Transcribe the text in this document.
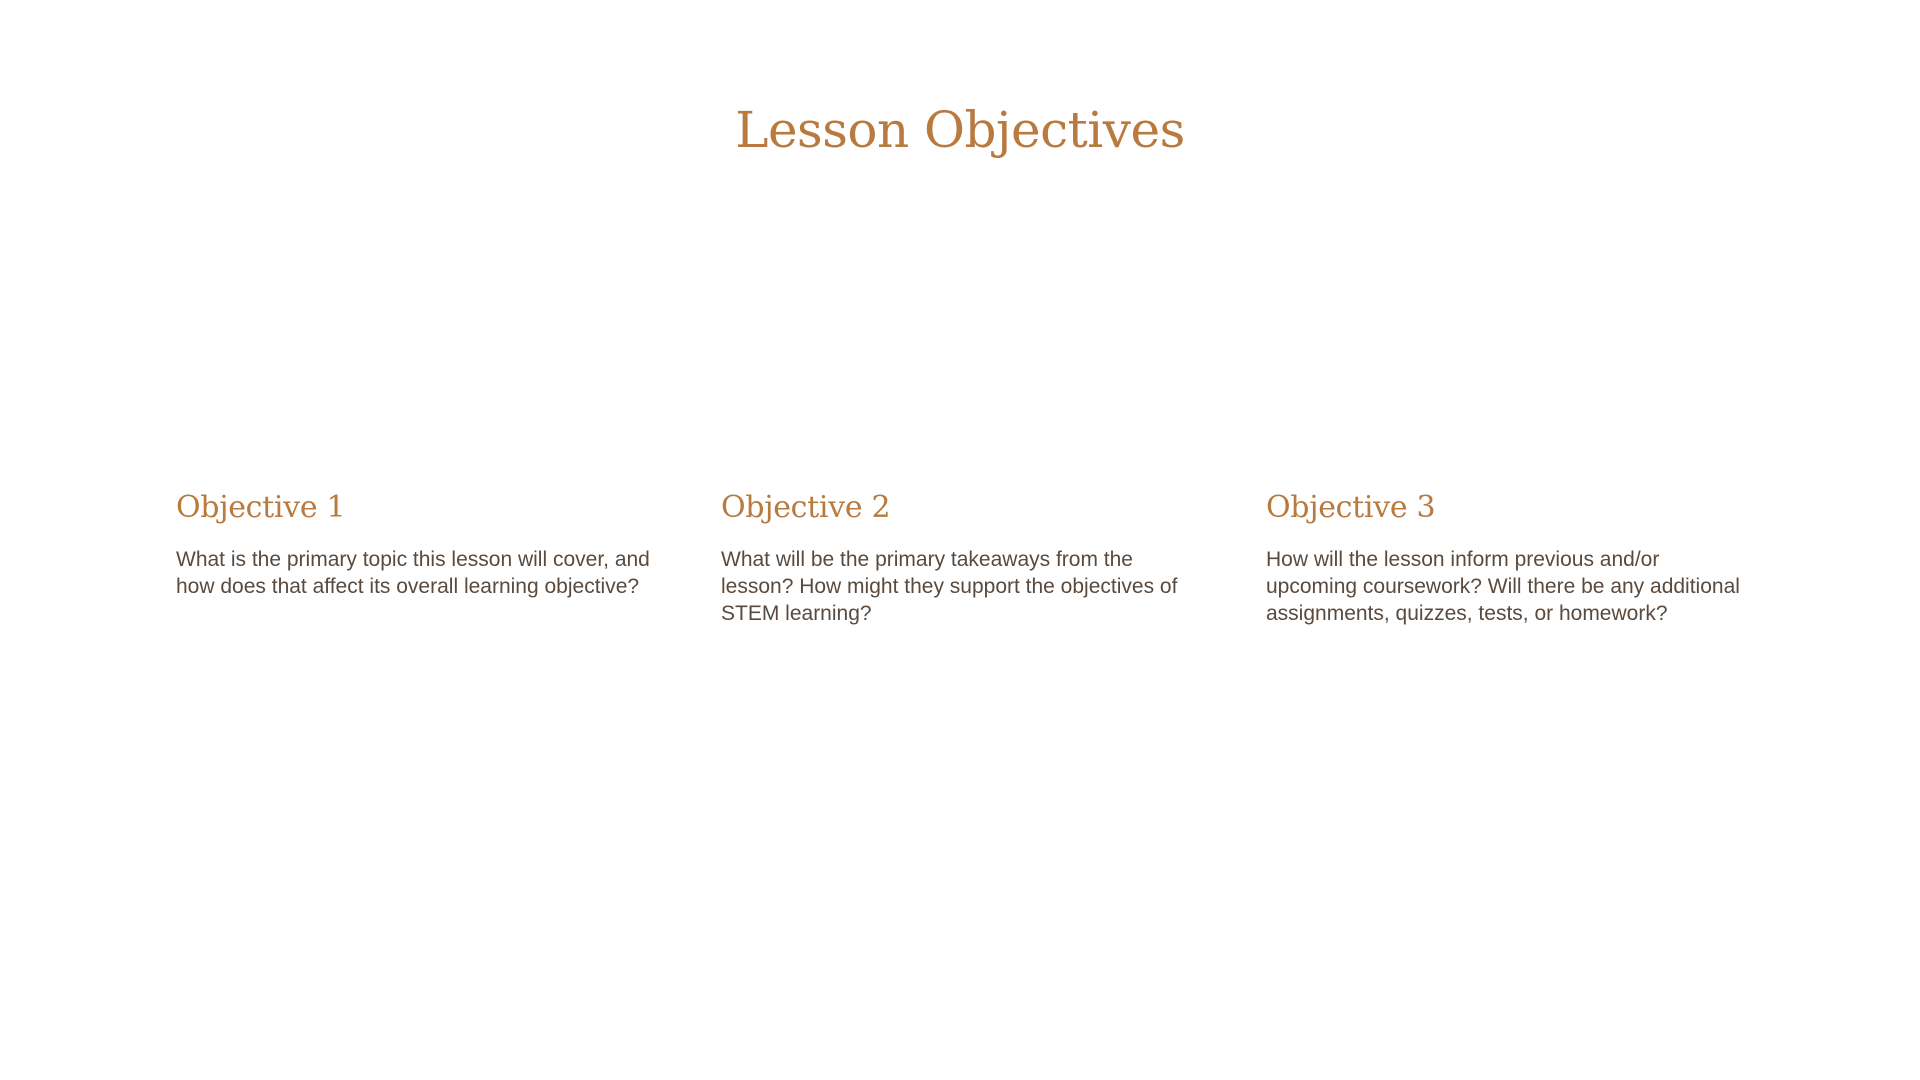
Lesson Objectives
Objective 1

What is the primary topic this lesson will cover, and how does that affect its overall learning objective?

Objective 2

What will be the primary takeaways from the lesson? How might they support the objectives of STEM learning?

Objective 3

How will the lesson inform previous and/or upcoming coursework? Will there be any additional assignments, quizzes, tests, or homework?
